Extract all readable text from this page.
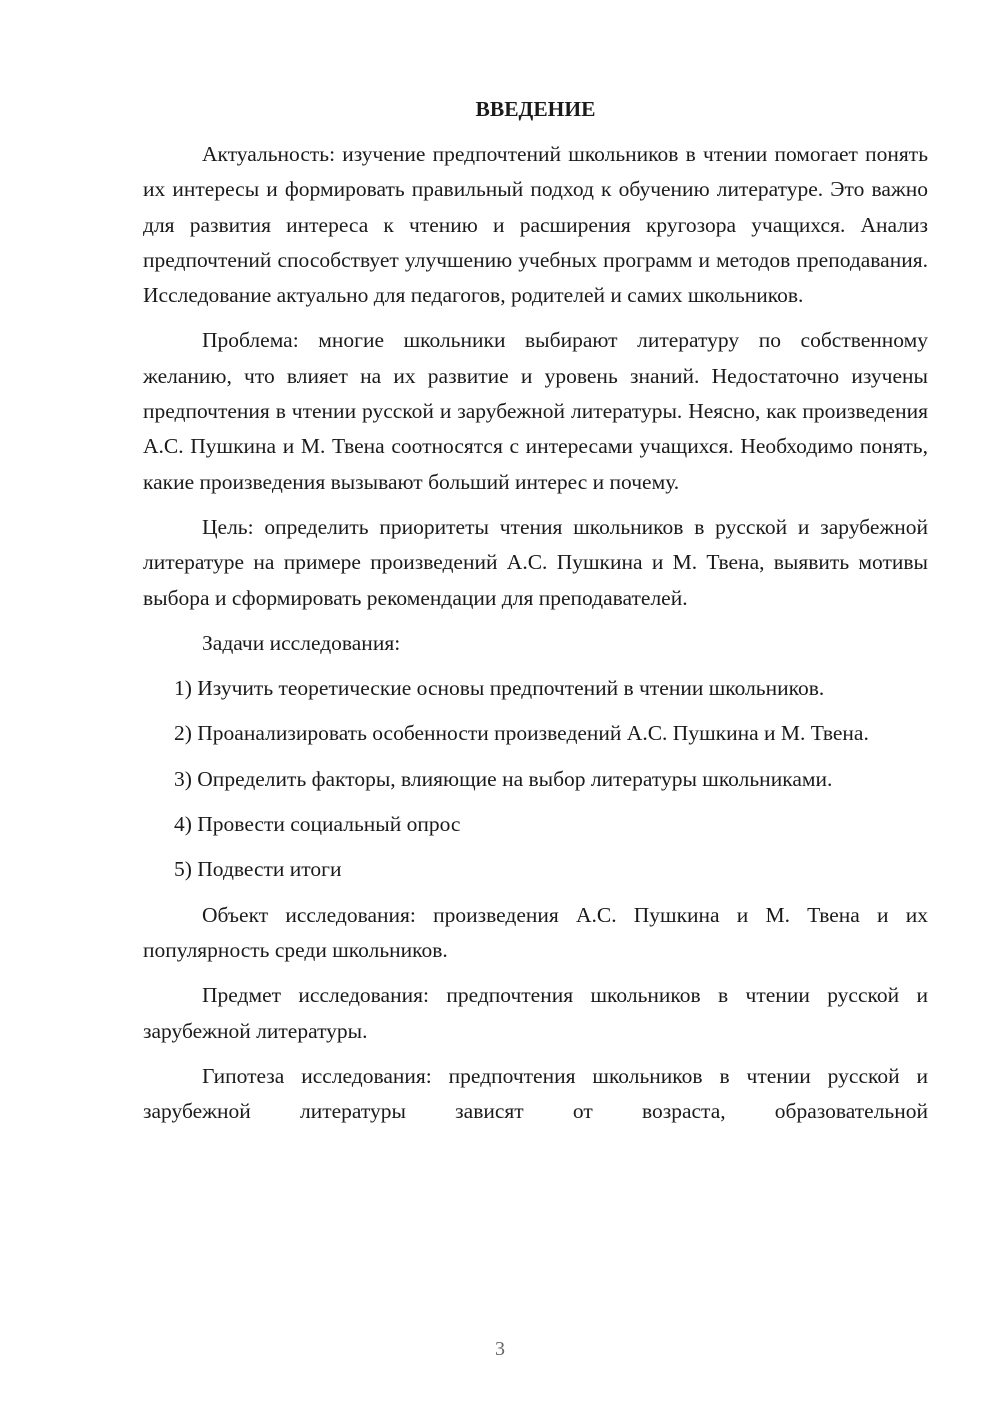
ВВЕДЕНИЕ

Актуальность: изучение предпочтений школьников в чтении помогает понять их интересы и формировать правильный подход к обучению литературе. Это важно для развития интереса к чтению и расширения кругозора учащихся. Анализ предпочтений способствует улучшению учебных программ и методов преподавания. Исследование актуально для педагогов, родителей и самих школьников.

Проблема: многие школьники выбирают литературу по собственному желанию, что влияет на их развитие и уровень знаний. Недостаточно изучены предпочтения в чтении русской и зарубежной литературы. Неясно, как произведения А.С. Пушкина и М. Твена соотносятся с интересами учащихся. Необходимо понять, какие произведения вызывают больший интерес и почему.

Цель: определить приоритеты чтения школьников в русской и зарубежной литературе на примере произведений А.С. Пушкина и М. Твена, выявить мотивы выбора и сформировать рекомендации для преподавателей.

Задачи исследования:

1) Изучить теоретические основы предпочтений в чтении школьников.

2) Проанализировать особенности произведений А.С. Пушкина и М. Твена.

3) Определить факторы, влияющие на выбор литературы школьниками.

4) Провести социальный опрос

5) Подвести итоги

Объект исследования: произведения А.С. Пушкина и М. Твена и их популярность среди школьников.

Предмет исследования: предпочтения школьников в чтении русской и зарубежной литературы.

Гипотеза исследования: предпочтения школьников в чтении русской и зарубежной литературы зависят от возраста, образовательной

3
